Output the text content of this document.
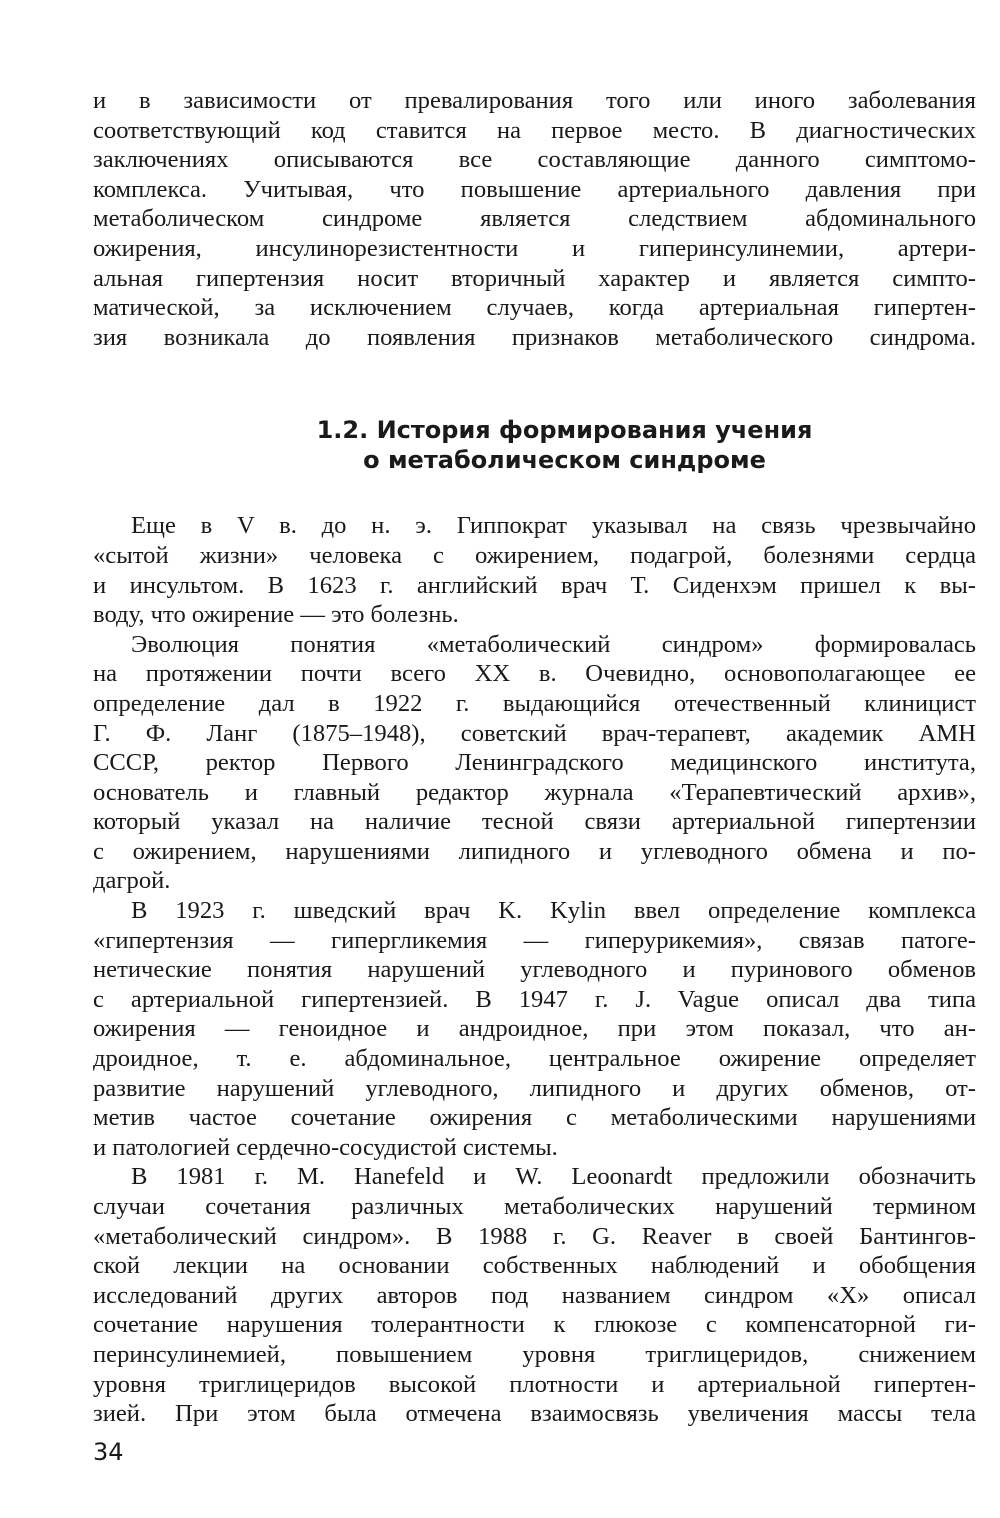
и в зависимости от превалирования того или иного заболевания
соответствующий код ставится на первое место. В диагностических
заключениях описываются все составляющие данного симптомо-
комплекса. Учитывая, что повышение артериального давления при
метаболическом синдроме является следствием абдоминального
ожирения, инсулинорезистентности и гиперинсулинемии, артери-
альная гипертензия носит вторичный характер и является симпто-
матической, за исключением случаев, когда артериальная гипертен-
зия возникала до появления признаков метаболического синдрома.

1.2. История формирования учения
о метаболическом синдроме

Еще в V в. до н. э. Гиппократ указывал на связь чрезвычайно
«сытой жизни» человека с ожирением, подагрой, болезнями сердца
и инсультом. В 1623 г. английский врач Т. Сиденхэм пришел к вы-
воду, что ожирение — это болезнь.

Эволюция понятия «метаболический синдром» формировалась
на протяжении почти всего XX в. Очевидно, основополагающее ее
определение дал в 1922 г. выдающийся отечественный клиницист
Г. Ф. Ланг (1875–1948), советский врач-терапевт, академик АМН
СССР, ректор Первого Ленинградского медицинского института,
основатель и главный редактор журнала «Терапевтический архив»,
который указал на наличие тесной связи артериальной гипертензии
с ожирением, нарушениями липидного и углеводного обмена и по-
дагрой.

В 1923 г. шведский врач K. Kylin ввел определение комплекса
«гипертензия — гипергликемия — гиперурикемия», связав патоге-
нетические понятия нарушений углеводного и пуринового обменов
с артериальной гипертензией. В 1947 г. J. Vague описал два типа
ожирения — геноидное и андроидное, при этом показал, что ан-
дроидное, т. е. абдоминальное, центральное ожирение определяет
развитие нарушений углеводного, липидного и других обменов, от-
метив частое сочетание ожирения с метаболическими нарушениями
и патологией сердечно-сосудистой системы.

В 1981 г. M. Hanefeld и W. Leoonardt предложили обозначить
случаи сочетания различных метаболических нарушений термином
«метаболический синдром». В 1988 г. G. Reaver в своей Бантингов-
ской лекции на основании собственных наблюдений и обобщения
исследований других авторов под названием синдром «X» описал
сочетание нарушения толерантности к глюкозе с компенсаторной ги-
перинсулинемией, повышением уровня триглицеридов, снижением
уровня триглицеридов высокой плотности и артериальной гипертен-
зией. При этом была отмечена взаимосвязь увеличения массы тела

34
